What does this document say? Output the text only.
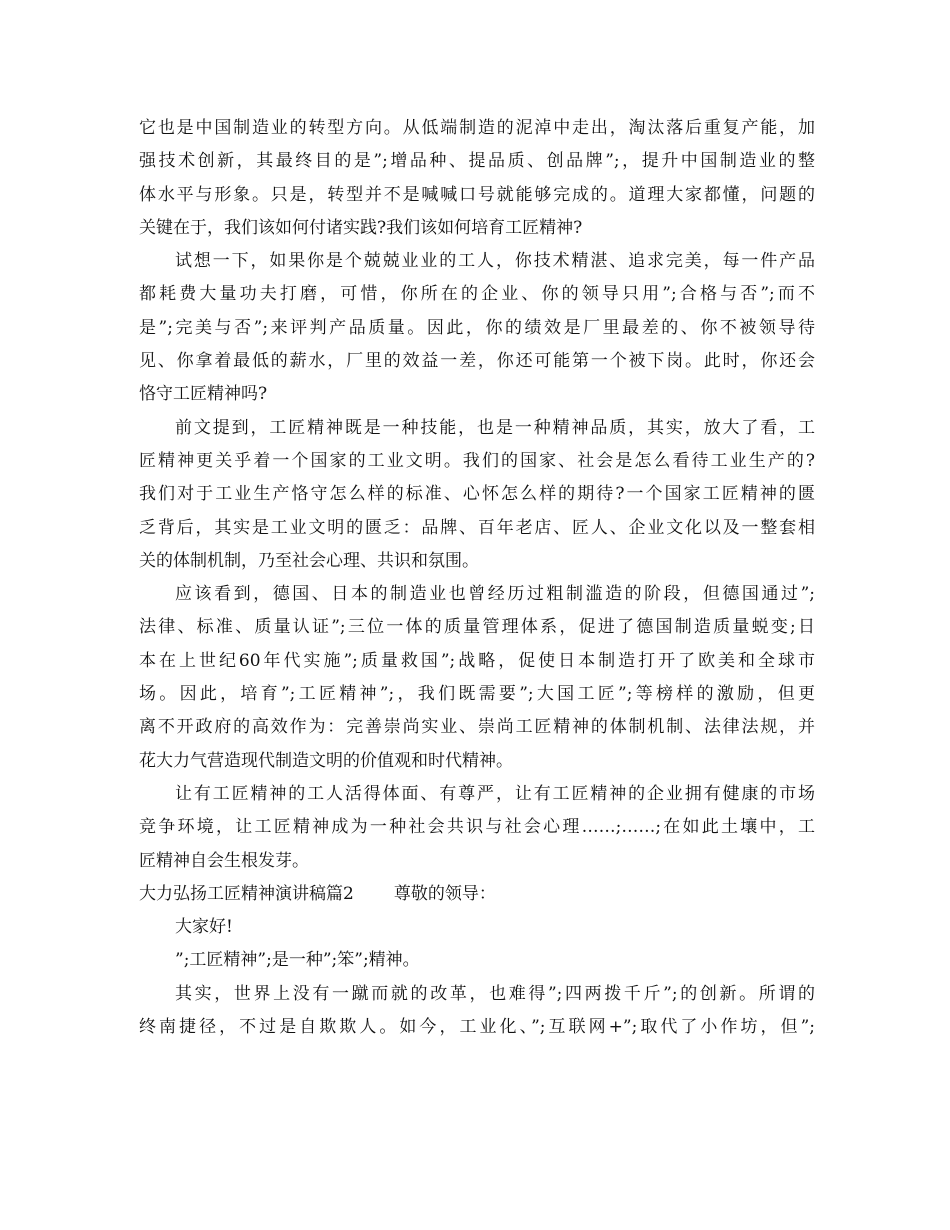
它也是中国制造业的转型方向。从低端制造的泥淖中走出，淘汰落后重复产能，加
强技术创新，其最终目的是”;增品种、提品质、创品牌”;，提升中国制造业的整
体水平与形象。只是，转型并不是喊喊口号就能够完成的。道理大家都懂，问题的
关键在于，我们该如何付诸实践?我们该如何培育工匠精神?
试想一下，如果你是个兢兢业业的工人，你技术精湛、追求完美，每一件产品
都耗费大量功夫打磨，可惜，你所在的企业、你的领导只用”;合格与否”;而不
是”;完美与否”;来评判产品质量。因此，你的绩效是厂里最差的、你不被领导待
见、你拿着最低的薪水，厂里的效益一差，你还可能第一个被下岗。此时，你还会
恪守工匠精神吗?
前文提到，工匠精神既是一种技能，也是一种精神品质，其实，放大了看，工
匠精神更关乎着一个国家的工业文明。我们的国家、社会是怎么看待工业生产的?
我们对于工业生产恪守怎么样的标准、心怀怎么样的期待?一个国家工匠精神的匮
乏背后，其实是工业文明的匮乏：品牌、百年老店、匠人、企业文化以及一整套相
关的体制机制，乃至社会心理、共识和氛围。
应该看到，德国、日本的制造业也曾经历过粗制滥造的阶段，但德国通过”;
法律、标准、质量认证”;三位一体的质量管理体系，促进了德国制造质量蜕变;日
本在上世纪60年代实施”;质量救国”;战略，促使日本制造打开了欧美和全球市
场。因此，培育”;工匠精神”;，我们既需要”;大国工匠”;等榜样的激励，但更
离不开政府的高效作为：完善崇尚实业、崇尚工匠精神的体制机制、法律法规，并
花大力气营造现代制造文明的价值观和时代精神。
让有工匠精神的工人活得体面、有尊严，让有工匠精神的企业拥有健康的市场
竞争环境，让工匠精神成为一种社会共识与社会心理……;……;在如此土壤中，工
匠精神自会生根发芽。
大力弘扬工匠精神演讲稿篇2 尊敬的领导：
大家好!
”;工匠精神”;是一种”;笨”;精神。
其实，世界上没有一蹴而就的改革，也难得”;四两拨千斤”;的创新。所谓的
终南捷径，不过是自欺欺人。如今，工业化、”;互联网+”;取代了小作坊，但”;
